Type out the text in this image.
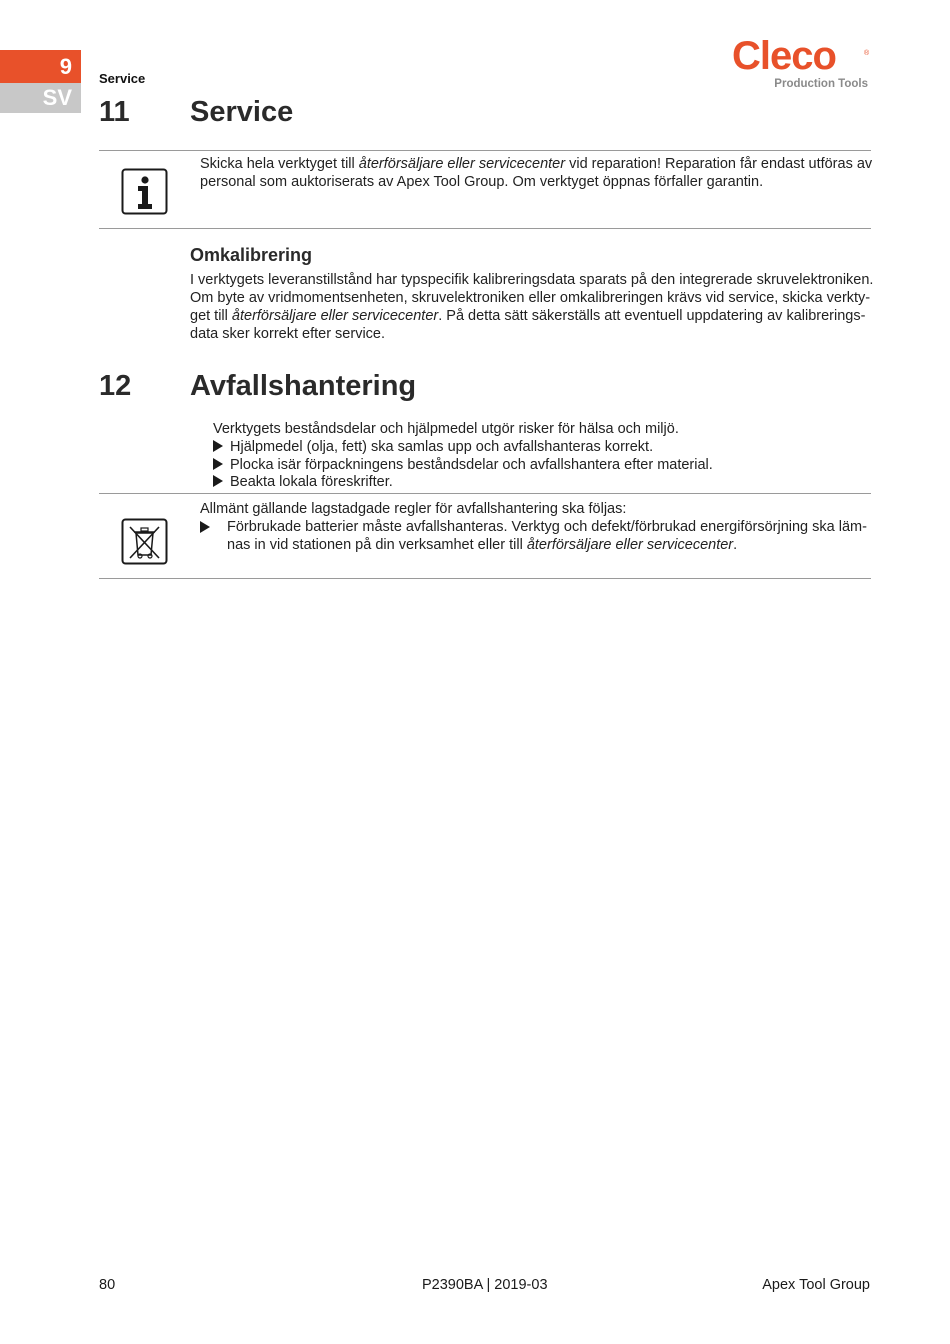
9
SV
Service
Cleco	®
Production Tools
11 Service
Skicka hela verktyget till återförsäljare eller servicecenter vid reparation! Reparation får endast utföras av
personal som auktoriserats av Apex Tool Group. Om verktyget öppnas förfaller garantin.
Omkalibrering
I verktygets leveranstillstånd har typspecifik kalibreringsdata sparats på den integrerade skruvelektroniken.
Om byte av vridmomentsenheten, skruvelektroniken eller omkalibreringen krävs vid service, skicka verkty-
get till återförsäljare eller servicecenter. På detta sätt säkerställs att eventuell uppdatering av kalibrerings-
data sker korrekt efter service.
12 Avfallshantering
Verktygets beståndsdelar och hjälpmedel utgör risker för hälsa och miljö.
Hjälpmedel (olja, fett) ska samlas upp och avfallshanteras korrekt.
Plocka isär förpackningens beståndsdelar och avfallshantera efter material.
Beakta lokala föreskrifter.
Allmänt gällande lagstadgade regler för avfallshantering ska följas:
Förbrukade batterier måste avfallshanteras. Verktyg och defekt/förbrukad energiförsörjning ska läm-
nas in vid stationen på din verksamhet eller till återförsäljare eller servicecenter.
80	P2390BA | 2019-03	Apex Tool Group
